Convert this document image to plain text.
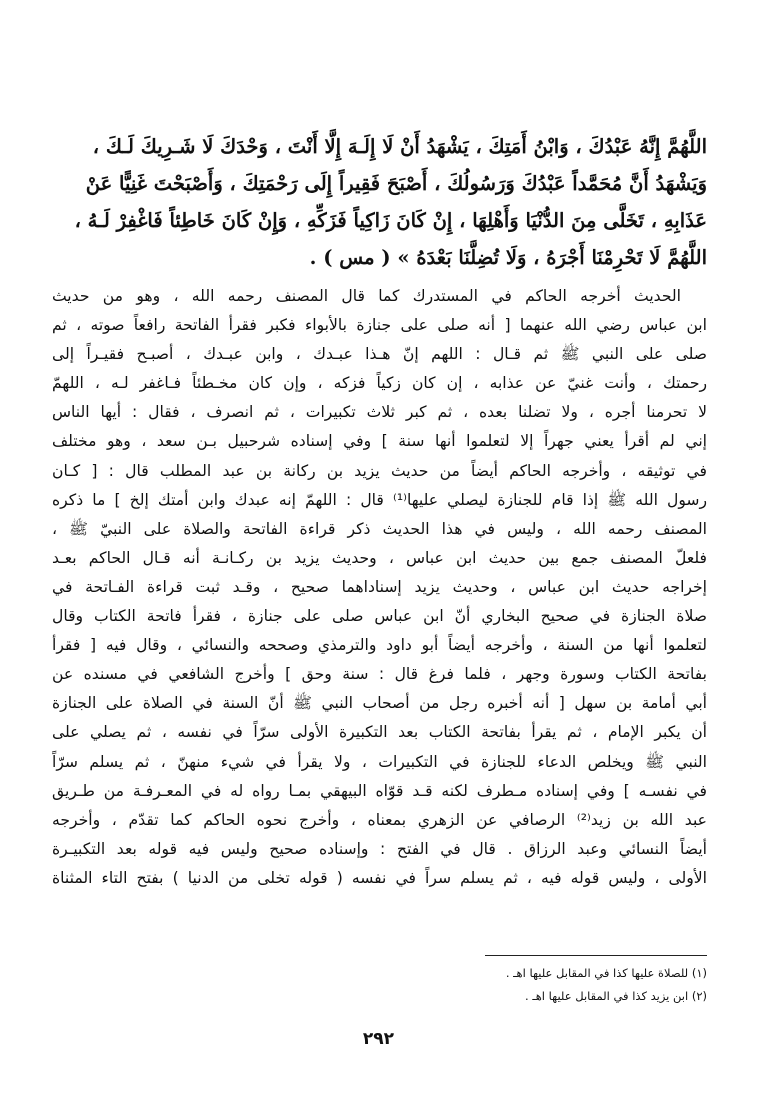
اللَّهُمَّ إِنَّهُ عَبْدُكَ ، وَابْنُ أَمَتِكَ ، يَشْهَدُ أَنْ لَا إِلَـهَ إِلَّا أَنْتَ ، وَحْدَكَ لَا شَـرِيكَ لَـكَ ،
وَيَشْهَدُ أَنَّ مُحَمَّداً عَبْدُكَ وَرَسُولُكَ ، أَصْبَحَ فَقِيراً إِلَى رَحْمَتِكَ ، وَأَصْبَحْتَ غَنِيًّا عَنْ
عَذَابِهِ ، تَخَلَّى مِنَ الدُّنْيَا وَأَهْلِهَا ، إِنْ كَانَ زَاكِياً فَزَكِّهِ ، وَإِنْ كَانَ خَاطِئاً فَاغْفِرْ لَـهُ ،
اللَّهُمَّ لَا تَحْرِمْنَا أَجْرَهُ ، وَلَا تُضِلَّنَا بَعْدَهُ » ( مس ) .
الحديث أخرجه الحاكم في المستدرك كما قال المصنف رحمه الله ، وهو من حديث
ابن عباس رضي الله عنهما [ أنه صلى على جنازة بالأبواء فكبر فقرأ الفاتحة رافعاً صوته ، ثم
صلى على النبي ﷺ ثم قـال : اللهم إنّ هـذا عبـدك ، وابن عبـدك ، أصبـح فقيـراً إلى
رحمتك ، وأنت غنيّ عن عذابه ، إن كان زكياً فزكه ، وإن كان مخـطئاً فـاغفر لـه ، اللهمّ
لا تحرمنا أجره ، ولا تضلنا بعده ، ثم كبر ثلاث تكبيرات ، ثم انصرف ، فقال : أيها الناس
إني لم أقرأ يعني جهراً إلا لتعلموا أنها سنة ] وفي إسناده شرحبيل بـن سعد ، وهو مختلف
في توثيقه ، وأخرجه الحاكم أيضاً من حديث يزيد بن ركانة بن عبد المطلب قال : [ كـان
رسول الله ﷺ إذا قام للجنازة ليصلي عليها⁽¹⁾ قال : اللهمّ إنه عبدك وابن أمتك إلخ ] ما ذكره
المصنف رحمه الله ، وليس في هذا الحديث ذكر قراءة الفاتحة والصلاة على النبيّ ﷺ ،
فلعلّ المصنف جمع بين حديث ابن عباس ، وحديث يزيد بن ركـانـة أنه قـال الحاكم بعـد
إخراجه حديث ابن عباس ، وحديث يزيد إسناداهما صحيح ، وقـد ثبت قراءة الفـاتحة في
صلاة الجنازة في صحيح البخاري أنّ ابن عباس صلى على جنازة ، فقرأ فاتحة الكتاب وقال
لتعلموا أنها من السنة ، وأخرجه أيضاً أبو داود والترمذي وصححه والنسائي ، وقال فيه [ فقرأ
بفاتحة الكتاب وسورة وجهر ، فلما فرغ قال : سنة وحق ] وأخرج الشافعي في مسنده عن
أبي أمامة بن سهل [ أنه أخبره رجل من أصحاب النبي ﷺ أنّ السنة في الصلاة على الجنازة
أن يكبر الإمام ، ثم يقرأ بفاتحة الكتاب بعد التكبيرة الأولى سرّاً في نفسه ، ثم يصلي على
النبي ﷺ ويخلص الدعاء للجنازة في التكبيرات ، ولا يقرأ في شيء منهنّ ، ثم يسلم سرّاً
في نفسـه ] وفي إسناده مـطرف لكنه قـد قوّاه البيهقي بمـا رواه له في المعـرفـة من طـريق
عبد الله بن زيد⁽²⁾ الرصافي عن الزهري بمعناه ، وأخرج نحوه الحاكم كما تقدّم ، وأخرجه
أيضاً النسائي وعبد الرزاق . قال في الفتح : وإسناده صحيح وليس فيه قوله بعد التكبيـرة
الأولى ، وليس قوله فيه ، ثم يسلم سراً في نفسه ( قوله تخلى من الدنيا ) بفتح التاء المثناة
(١) للصلاة عليها كذا في المقابل عليها اهـ .
(٢) ابن يزيد كذا في المقابل عليها اهـ .
٢٩٢
